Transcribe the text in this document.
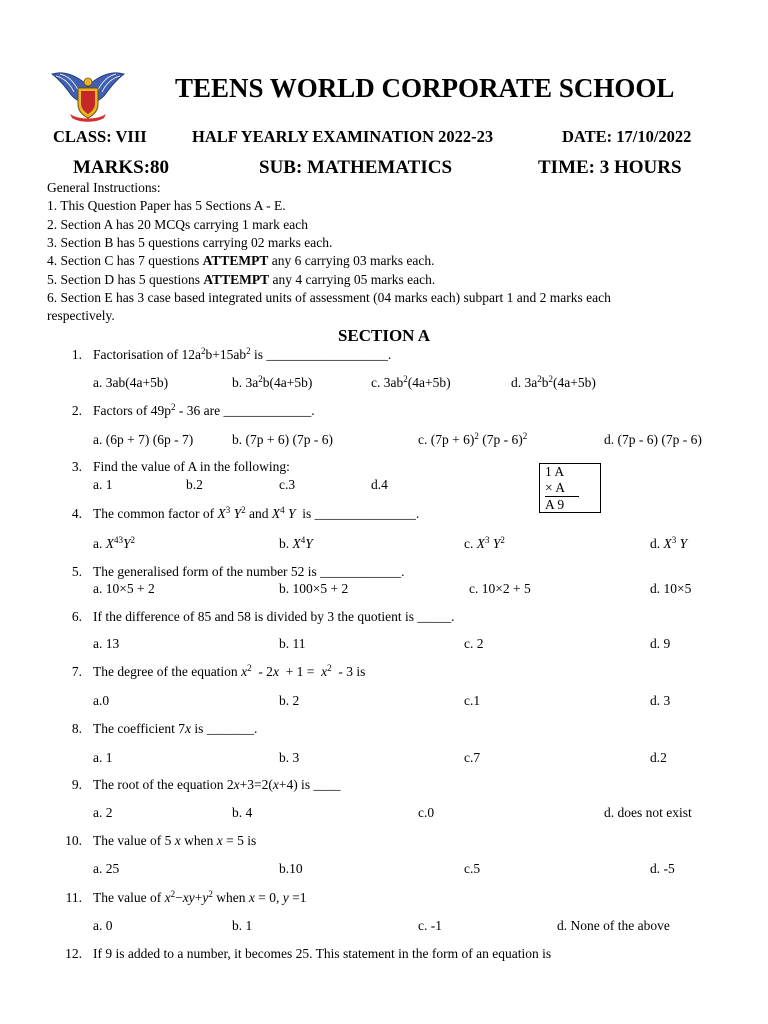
TEENS WORLD CORPORATE SCHOOL
CLASS: VIII	HALF YEARLY EXAMINATION 2022-23	DATE: 17/10/2022
MARKS:80	SUB: MATHEMATICS	TIME: 3 HOURS
General Instructions:
1. This Question Paper has 5 Sections A - E.
2. Section A has 20 MCQs carrying 1 mark each
3. Section B has 5 questions carrying 02 marks each.
4. Section C has 7 questions ATTEMPT any 6 carrying 03 marks each.
5. Section D has 5 questions ATTEMPT any 4 carrying 05 marks each.
6. Section E has 3 case based integrated units of assessment (04 marks each) subpart 1 and 2 marks each
respectively.
SECTION A
1. Factorisation of $12a^2b+15ab^2$ is __________________.
a. 3ab(4a+5b)	b. $3a^2b(4a+5b)$	c. $3ab^2(4a+5b)$	d. $3a^2b^2(4a+5b)$
2. Factors of $49p^2 - 36$ are _____________.
a. (6p + 7) (6p - 7)	b. (7p + 6) (7p - 6)	c. $(7p + 6)^2$ (7p - 6)$^2$	d. (7p - 6) (7p - 6)
3. Find the value of A in the following:
a. 1	b.2	c.3	d.4
1 A
× A
A 9
4. The common factor of $X^3$ $Y^2$ and $X^4$ Y  is _______________.
a. $X^{43}Y^2$	b. $X^4Y$	c. $X^3$ $Y^2$	d. $X^3$ Y
5. The generalised form of the number 52 is ____________.
a. 10×5 + 2	b. 100×5 + 2	c. 10×2 + 5	d. 10×5
6. If the difference of 85 and 58 is divided by 3 the quotient is _____.
a. 13	b. 11	c. 2	d. 9
7. The degree of the equation $x^2 - 2x + 1 = x^2 - 3$ is
a.0	b. 2	c.1	d. 3
8. The coefficient 7x is _______.
a. 1	b. 3	c.7	d.2
9. The root of the equation 2x+3=2(x+4) is ____
a. 2	b. 4	c.0	d. does not exist
10. The value of 5 x when x = 5 is
a. 25	b.10	c.5	d. -5
11. The value of $x^2-xy+y^2$ when x = 0, y =1
a. 0	b. 1	c. -1	d. None of the above
12. If 9 is added to a number, it becomes 25. This statement in the form of an equation is
